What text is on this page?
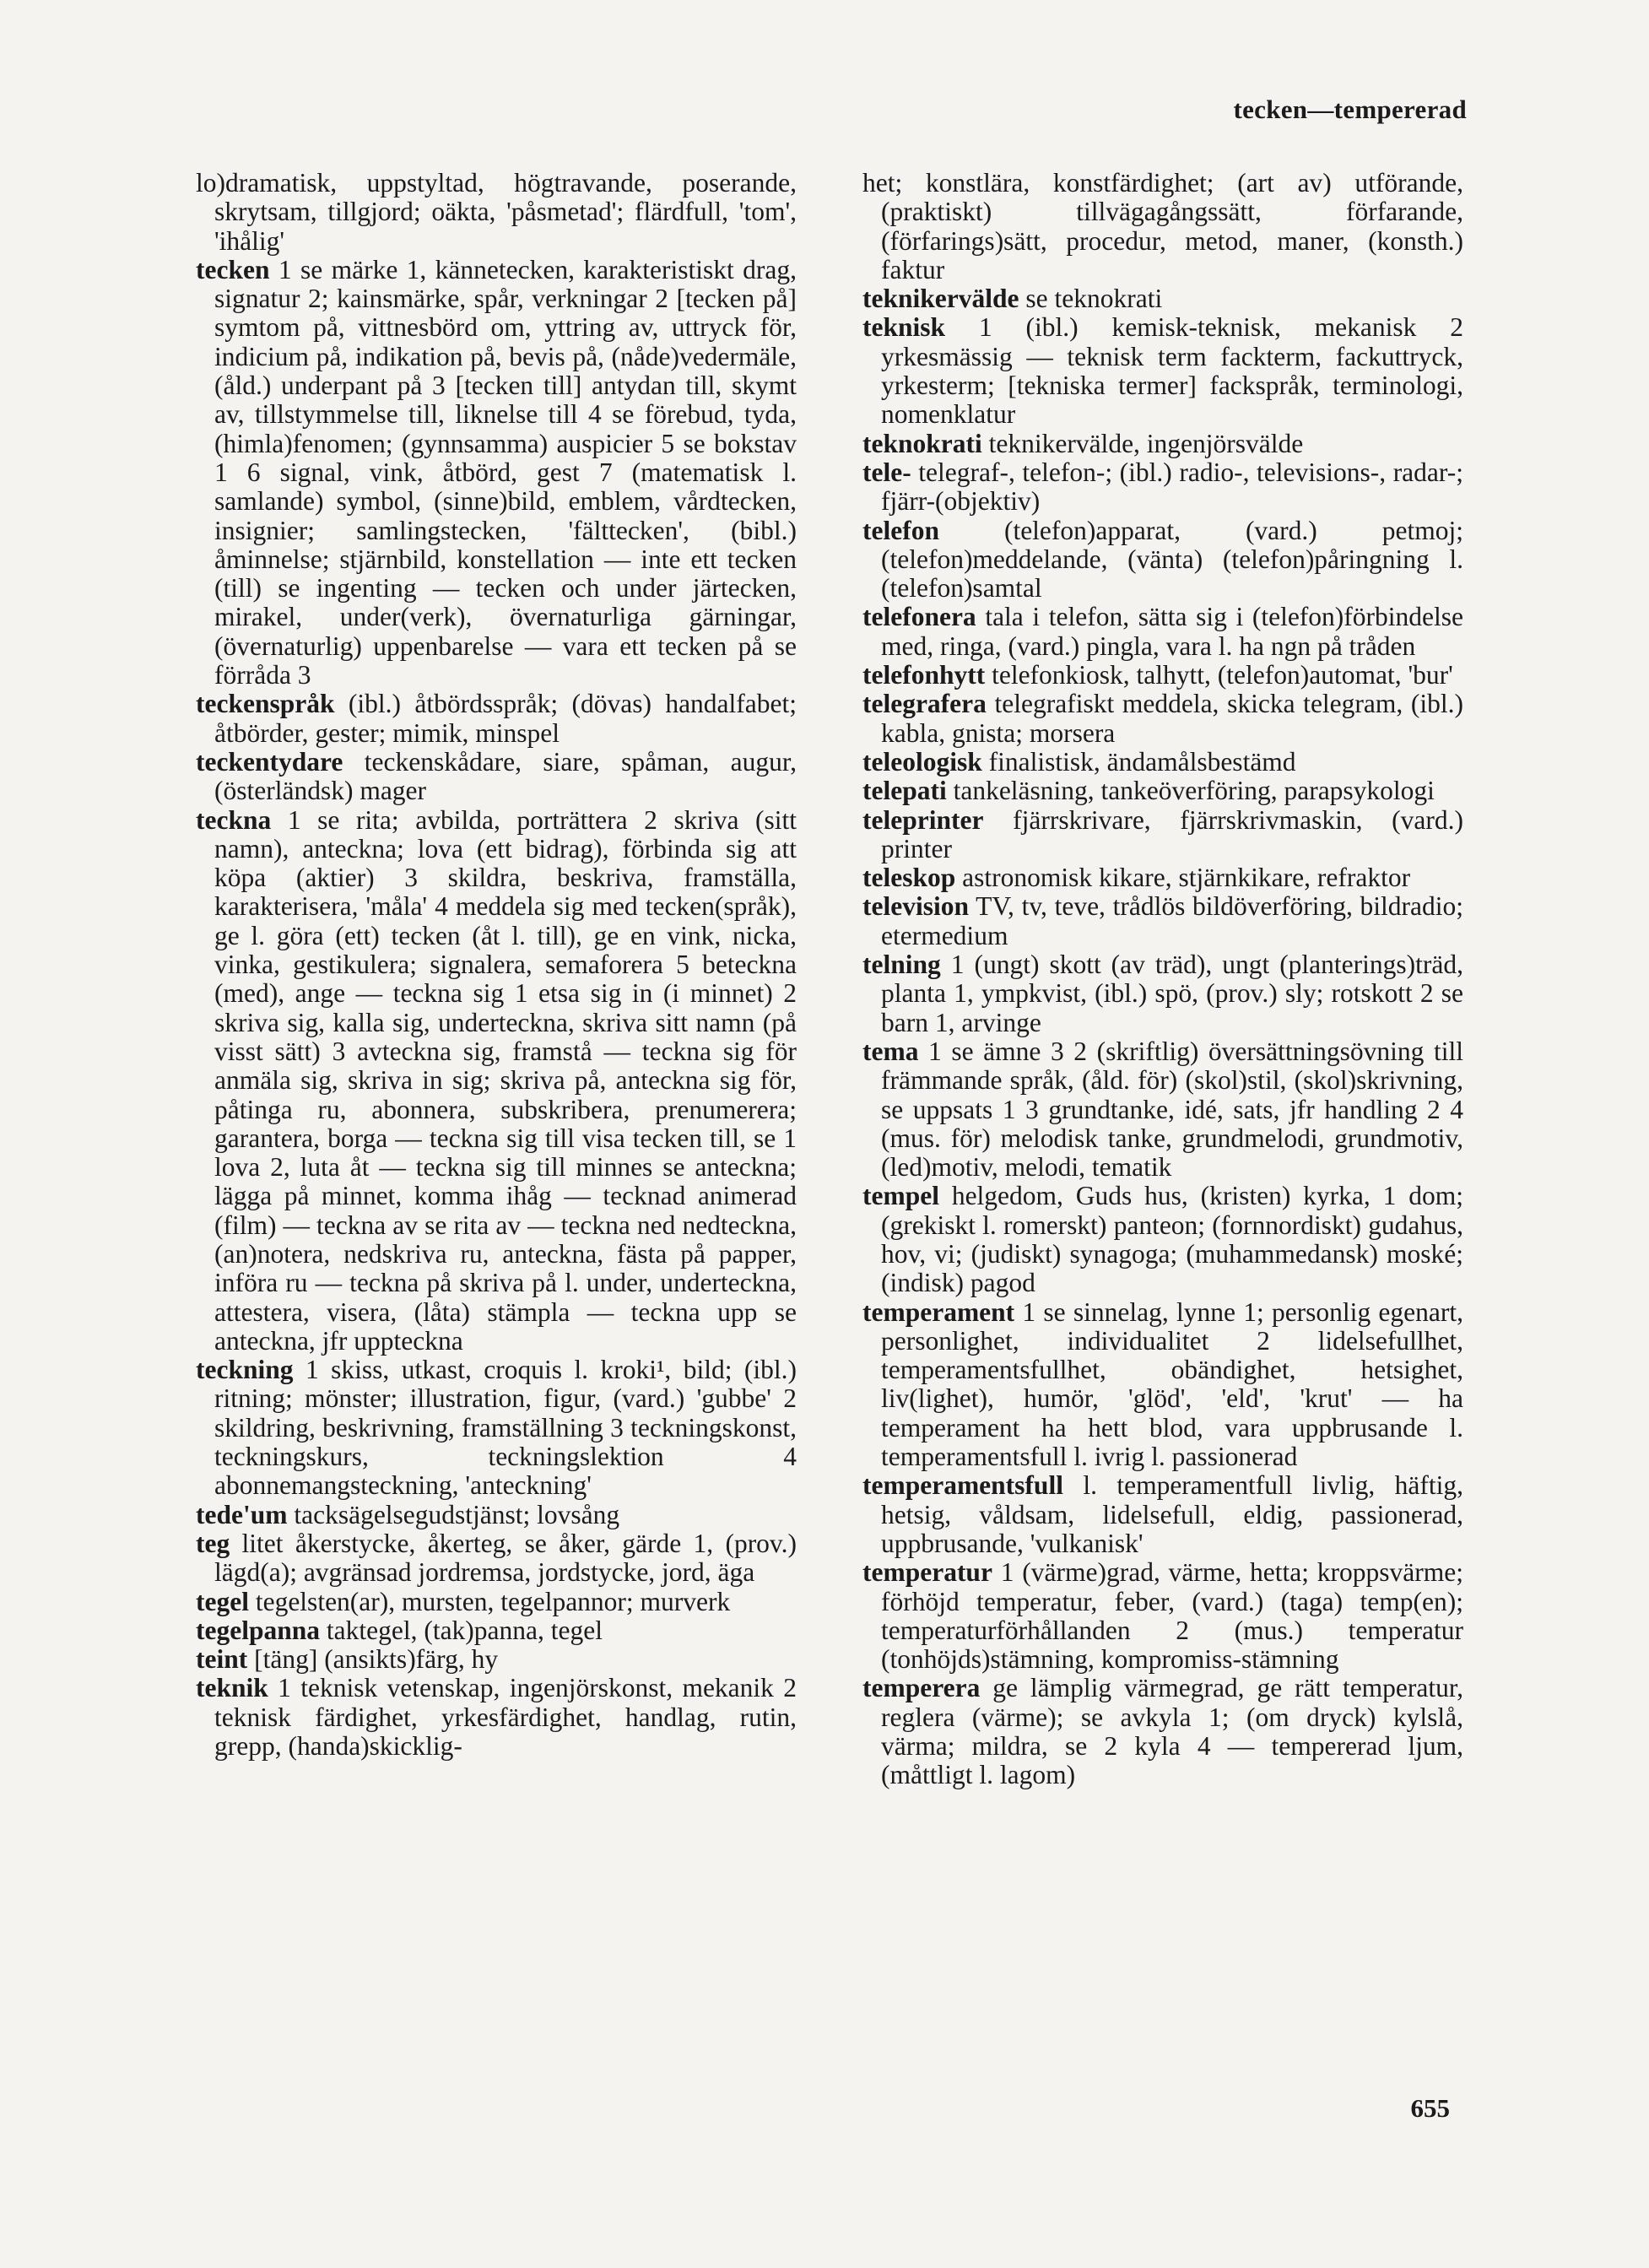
tecken—tempererad

lo)dramatisk, uppstyltad, högtravande, poserande, skrytsam, tillgjord; oäkta, 'påsmetad'; flärdfull, 'tom', 'ihålig'

tecken 1 se märke 1, kännetecken, karakteristiskt drag, signatur 2; kainsmärke, spår, verkningar 2 [tecken på] symtom på, vittnesbörd om, yttring av, uttryck för, indicium på, indikation på, bevis på, (nåde)vedermäle, (åld.) underpant på 3 [tecken till] antydan till, skymt av, tillstymmelse till, liknelse till 4 se förebud, tyda, (himla)fenomen; (gynnsamma) auspicier 5 se bokstav 1 6 signal, vink, åtbörd, gest 7 (matematisk l. samlande) symbol, (sinne)bild, emblem, vårdtecken, insignier; samlingstecken, 'fälttecken', (bibl.) åminnelse; stjärnbild, konstellation — inte ett tecken (till) se ingenting — tecken och under järtecken, mirakel, under(verk), övernaturliga gärningar, (övernaturlig) uppenbarelse — vara ett tecken på se förråda 3

teckenspråk (ibl.) åtbördsspråk; (dövas) handalfabet; åtbörder, gester; mimik, minspel

teckentydare teckenskådare, siare, spåman, augur, (österländsk) mager

teckna 1 se rita; avbilda, porträttera 2 skriva (sitt namn), anteckna; lova (ett bidrag), förbinda sig att köpa (aktier) 3 skildra, beskriva, framställa, karakterisera, 'måla' 4 meddela sig med tecken(språk), ge l. göra (ett) tecken (åt l. till), ge en vink, nicka, vinka, gestikulera; signalera, semaforera 5 beteckna (med), ange — teckna sig 1 etsa sig in (i minnet) 2 skriva sig, kalla sig, underteckna, skriva sitt namn (på visst sätt) 3 avteckna sig, framstå — teckna sig för anmäla sig, skriva in sig; skriva på, anteckna sig för, påtinga ru, abonnera, subskribera, prenumerera; garantera, borga — teckna sig till visa tecken till, se 1 lova 2, luta åt — teckna sig till minnes se anteckna; lägga på minnet, komma ihåg — tecknad animerad (film) — teckna av se rita av — teckna ned nedteckna, (an)notera, nedskriva ru, anteckna, fästa på papper, införa ru — teckna på skriva på l. under, underteckna, attestera, visera, (låta) stämpla — teckna upp se anteckna, jfr uppteckna

teckning 1 skiss, utkast, croquis l. kroki¹, bild; (ibl.) ritning; mönster; illustration, figur, (vard.) 'gubbe' 2 skildring, beskrivning, framställning 3 teckningskonst, teckningskurs, teckningslektion 4 abonnemangsteckning, 'anteckning'

tede'um tacksägelsegudstjänst; lovsång

teg litet åkerstycke, åkerteg, se åker, gärde 1, (prov.) lägd(a); avgränsad jordremsa, jordstycke, jord, äga

tegel tegelsten(ar), mursten, tegelpannor; murverk

tegelpanna taktegel, (tak)panna, tegel

teint [täng] (ansikts)färg, hy

teknik 1 teknisk vetenskap, ingenjörskonst, mekanik 2 teknisk färdighet, yrkesfärdighet, handlag, rutin, grepp, (handa)skicklig-

het; konstlära, konstfärdighet; (art av) utförande, (praktiskt) tillvägagångssätt, förfarande, (förfarings)sätt, procedur, metod, maner, (konsth.) faktur

teknikervälde se teknokrati

teknisk 1 (ibl.) kemisk-teknisk, mekanisk 2 yrkesmässig — teknisk term fackterm, fackuttryck, yrkesterm; [tekniska termer] fackspråk, terminologi, nomenklatur

teknokrati teknikervälde, ingenjörsvälde

tele- telegraf-, telefon-; (ibl.) radio-, televisions-, radar-; fjärr-(objektiv)

telefon (telefon)apparat, (vard.) petmoj; (telefon)meddelande, (vänta) (telefon)påringning l. (telefon)samtal

telefonera tala i telefon, sätta sig i (telefon)förbindelse med, ringa, (vard.) pingla, vara l. ha ngn på tråden

telefonhytt telefonkiosk, talhytt, (telefon)automat, 'bur'

telegrafera telegrafiskt meddela, skicka telegram, (ibl.) kabla, gnista; morsera

teleologisk finalistisk, ändamålsbestämd

telepati tankeläsning, tankeöverföring, parapsykologi

teleprinter fjärrskrivare, fjärrskrivmaskin, (vard.) printer

teleskop astronomisk kikare, stjärnkikare, refraktor

television TV, tv, teve, trådlös bildöverföring, bildradio; etermedium

telning 1 (ungt) skott (av träd), ungt (planterings)träd, planta 1, ympkvist, (ibl.) spö, (prov.) sly; rotskott 2 se barn 1, arvinge

tema 1 se ämne 3 2 (skriftlig) översättningsövning till främmande språk, (åld. för) (skol)stil, (skol)skrivning, se uppsats 1 3 grundtanke, idé, sats, jfr handling 2 4 (mus. för) melodisk tanke, grundmelodi, grundmotiv, (led)motiv, melodi, tematik

tempel helgedom, Guds hus, (kristen) kyrka, 1 dom; (grekiskt l. romerskt) panteon; (fornnordiskt) gudahus, hov, vi; (judiskt) synagoga; (muhammedansk) moské; (indisk) pagod

temperament 1 se sinnelag, lynne 1; personlig egenart, personlighet, individualitet 2 lidelsefullhet, temperamentsfullhet, obändighet, hetsighet, liv(lighet), humör, 'glöd', 'eld', 'krut' — ha temperament ha hett blod, vara uppbrusande l. temperamentsfull l. ivrig l. passionerad

temperamentsfull l. temperamentfull livlig, häftig, hetsig, våldsam, lidelsefull, eldig, passionerad, uppbrusande, 'vulkanisk'

temperatur 1 (värme)grad, värme, hetta; kroppsvärme; förhöjd temperatur, feber, (vard.) (taga) temp(en); temperaturförhållanden 2 (mus.) temperatur (tonhöjds)stämning, kompromiss-stämning

temperera ge lämplig värmegrad, ge rätt temperatur, reglera (värme); se avkyla 1; (om dryck) kylslå, värma; mildra, se 2 kyla 4 — tempererad ljum, (måttligt l. lagom)

655
